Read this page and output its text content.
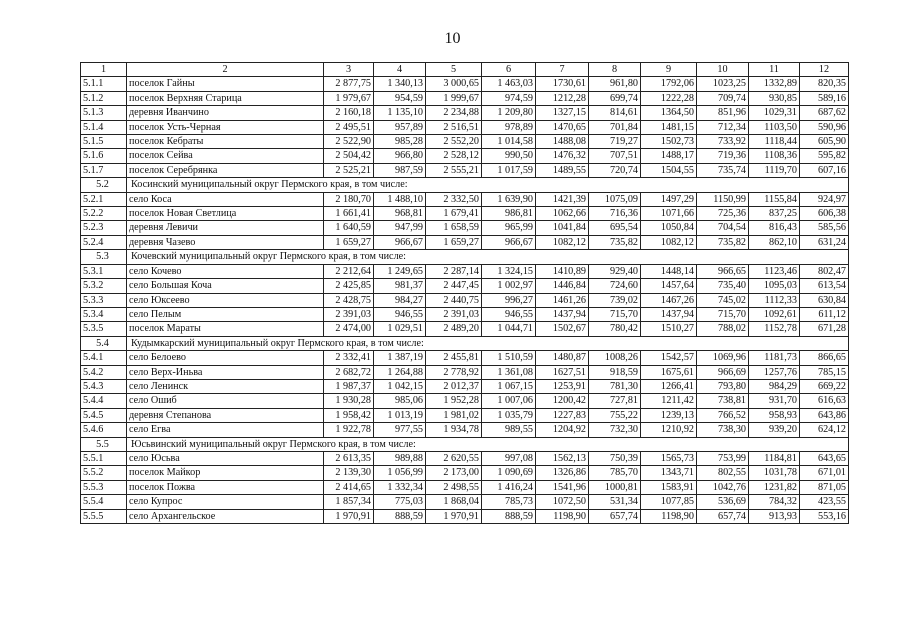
10
1	2	3	4	5	6	7	8	9	10	11	12
5.1.1	поселок Гайны	2 877,75	1 340,13	3 000,65	1 463,03	1730,61	961,80	1792,06	1023,25	1332,89	820,35
5.1.2	поселок Верхняя Старица	1 979,67	954,59	1 999,67	974,59	1212,28	699,74	1222,28	709,74	930,85	589,16
5.1.3	деревня Иванчино	2 160,18	1 135,10	2 234,88	1 209,80	1327,15	814,61	1364,50	851,96	1029,31	687,62
5.1.4	поселок Усть-Черная	2 495,51	957,89	2 516,51	978,89	1470,65	701,84	1481,15	712,34	1103,50	590,96
5.1.5	поселок Кебраты	2 522,90	985,28	2 552,20	1 014,58	1488,08	719,27	1502,73	733,92	1118,44	605,90
5.1.6	поселок Сейва	2 504,42	966,80	2 528,12	990,50	1476,32	707,51	1488,17	719,36	1108,36	595,82
5.1.7	поселок Серебрянка	2 525,21	987,59	2 555,21	1 017,59	1489,55	720,74	1504,55	735,74	1119,70	607,16
5.2	Косинский муниципальный округ Пермского края, в том числе:										
5.2.1	село Коса	2 180,70	1 488,10	2 332,50	1 639,90	1421,39	1075,09	1497,29	1150,99	1155,84	924,97
5.2.2	поселок Новая Светлица	1 661,41	968,81	1 679,41	986,81	1062,66	716,36	1071,66	725,36	837,25	606,38
5.2.3	деревня Левичи	1 640,59	947,99	1 658,59	965,99	1041,84	695,54	1050,84	704,54	816,43	585,56
5.2.4	деревня Чазево	1 659,27	966,67	1 659,27	966,67	1082,12	735,82	1082,12	735,82	862,10	631,24
5.3	Кочевский муниципальный округ Пермского края, в том числе:										
5.3.1	село Кочево	2 212,64	1 249,65	2 287,14	1 324,15	1410,89	929,40	1448,14	966,65	1123,46	802,47
5.3.2	село Большая Коча	2 425,85	981,37	2 447,45	1 002,97	1446,84	724,60	1457,64	735,40	1095,03	613,54
5.3.3	село Юксеево	2 428,75	984,27	2 440,75	996,27	1461,26	739,02	1467,26	745,02	1112,33	630,84
5.3.4	село Пелым	2 391,03	946,55	2 391,03	946,55	1437,94	715,70	1437,94	715,70	1092,61	611,12
5.3.5	поселок Мараты	2 474,00	1 029,51	2 489,20	1 044,71	1502,67	780,42	1510,27	788,02	1152,78	671,28
5.4	Кудымкарский муниципальный округ Пермского края, в том числе:										
5.4.1	село Белоево	2 332,41	1 387,19	2 455,81	1 510,59	1480,87	1008,26	1542,57	1069,96	1181,73	866,65
5.4.2	село Верх-Иньва	2 682,72	1 264,88	2 778,92	1 361,08	1627,51	918,59	1675,61	966,69	1257,76	785,15
5.4.3	село Ленинск	1 987,37	1 042,15	2 012,37	1 067,15	1253,91	781,30	1266,41	793,80	984,29	669,22
5.4.4	село Ошиб	1 930,28	985,06	1 952,28	1 007,06	1200,42	727,81	1211,42	738,81	931,70	616,63
5.4.5	деревня Степанова	1 958,42	1 013,19	1 981,02	1 035,79	1227,83	755,22	1239,13	766,52	958,93	643,86
5.4.6	село Егва	1 922,78	977,55	1 934,78	989,55	1204,92	732,30	1210,92	738,30	939,20	624,12
5.5	Юсьвинский муниципальный округ Пермского края, в том числе:										
5.5.1	село Юсьва	2 613,35	989,88	2 620,55	997,08	1562,13	750,39	1565,73	753,99	1184,81	643,65
5.5.2	поселок Майкор	2 139,30	1 056,99	2 173,00	1 090,69	1326,86	785,70	1343,71	802,55	1031,78	671,01
5.5.3	поселок Пожва	2 414,65	1 332,34	2 498,55	1 416,24	1541,96	1000,81	1583,91	1042,76	1231,82	871,05
5.5.4	село Купрос	1 857,34	775,03	1 868,04	785,73	1072,50	531,34	1077,85	536,69	784,32	423,55
5.5.5	село Архангельское	1 970,91	888,59	1 970,91	888,59	1198,90	657,74	1198,90	657,74	913,93	553,16
